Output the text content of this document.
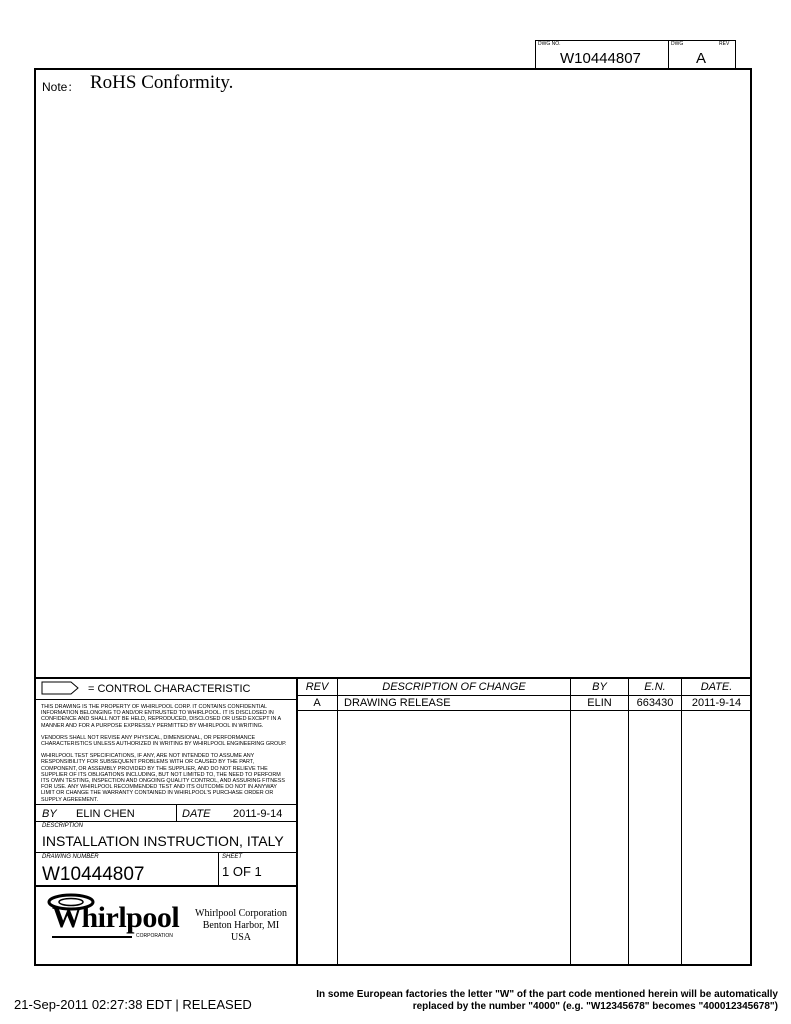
DWG NO.
W10444807
DWG	REV
A
Note： RoHS Conformity.
= CONTROL CHARACTERISTIC

THIS DRAWING IS THE PROPERTY OF WHIRLPOOL CORP. IT CONTAINS CONFIDENTIAL INFORMATION BELONGING TO AND/OR ENTRUSTED TO WHIRLPOOL. IT IS DISCLOSED IN CONFIDENCE AND SHALL NOT BE HELD, REPRODUCED, DISCLOSED OR USED EXCEPT IN A MANNER AND FOR A PURPOSE EXPRESSLY PERMITTED BY WHIRLPOOL IN WRITING.

VENDORS SHALL NOT REVISE ANY PHYSICAL, DIMENSIONAL, OR PERFORMANCE CHARACTERISTICS UNLESS AUTHORIZED IN WRITING BY WHIRLPOOL ENGINEERING GROUP.

WHIRLPOOL TEST SPECIFICATIONS, IF ANY, ARE NOT INTENDED TO ASSUME ANY RESPONSIBILITY FOR SUBSEQUENT PROBLEMS WITH OR CAUSED BY THE PART, COMPONENT, OR ASSEMBLY PROVIDED BY THE SUPPLIER, AND DO NOT RELIEVE THE SUPPLIER OF ITS OBLIGATIONS INCLUDING, BUT NOT LIMITED TO, THE NEED TO PERFORM ITS OWN TESTING, INSPECTION AND ONGOING QUALITY CONTROL, AND ASSURING FITNESS FOR USE. ANY WHIRLPOOL RECOMMENDED TEST AND ITS OUTCOME DO NOT IN ANYWAY LIMIT OR CHANGE THE WARRANTY CONTAINED IN WHIRLPOOL'S PURCHASE ORDER OR SUPPLY AGREEMENT.

BY ELIN CHEN	DATE 2011-9-14
DESCRIPTION
INSTALLATION INSTRUCTION, ITALY
DRAWING NUMBER
W10444807
SHEET
1 OF 1
Whirlpool
CORPORATION
Whirlpool Corporation
Benton Harbor, MI
USA
REV	DESCRIPTION OF CHANGE	BY	E.N.	DATE.
A	DRAWING RELEASE	ELIN	663430	2011-9-14
21-Sep-2011 02:27:38 EDT | RELEASED
In some European factories the letter "W" of the part code mentioned herein will be automatically
replaced by the number "4000" (e.g. "W12345678" becomes "400012345678")
